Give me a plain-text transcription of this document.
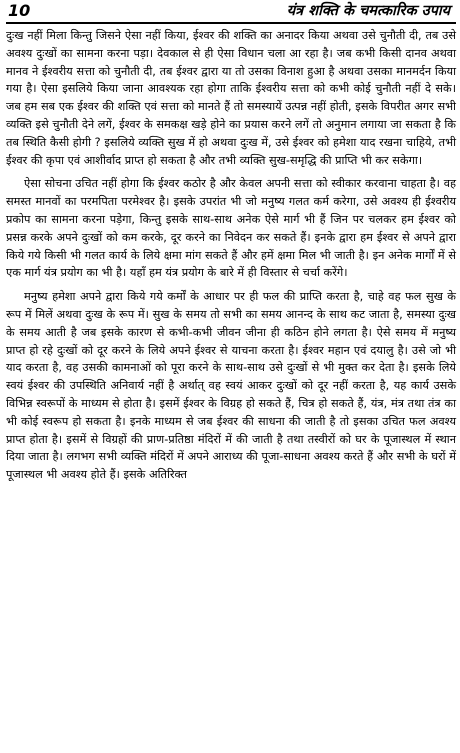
10	यंत्र शक्ति के चमत्कारिक उपाय

दुःख नहीं मिला किन्तु जिसने ऐसा नहीं किया, ईश्वर की शक्ति का अनादर किया अथवा उसे चुनौती दी, तब उसे अवश्य दुःखों का सामना करना पड़ा। देवकाल से ही ऐसा विधान चला आ रहा है। जब कभी किसी दानव अथवा मानव ने ईश्वरीय सत्ता को चुनौती दी, तब ईश्वर द्वारा या तो उसका विनाश हुआ है अथवा उसका मानमर्दन किया गया है। ऐसा इसलिये किया जाना आवश्यक रहा होगा ताकि ईश्वरीय सत्ता को कभी कोई चुनौती नहीं दे सके। जब हम सब एक ईश्वर की शक्ति एवं सत्ता को मानते हैं तो समस्यायें उत्पन्न नहीं होती, इसके विपरीत अगर सभी व्यक्ति इसे चुनौती देने लगें, ईश्वर के समकक्ष खड़े होने का प्रयास करने लगें तो अनुमान लगाया जा सकता है कि तब स्थिति कैसी होगी ? इसलिये व्यक्ति सुख में हो अथवा दुःख में, उसे ईश्वर को हमेशा याद रखना चाहिये, तभी ईश्वर की कृपा एवं आशीर्वाद प्राप्त हो सकता है और तभी व्यक्ति सुख-समृद्धि की प्राप्ति भी कर सकेगा।

ऐसा सोचना उचित नहीं होगा कि ईश्वर कठोर है और केवल अपनी सत्ता को स्वीकार करवाना चाहता है। वह समस्त मानवों का परमपिता परमेश्वर है। इसके उपरांत भी जो मनुष्य गलत कर्म करेगा, उसे अवश्य ही ईश्वरीय प्रकोप का सामना करना पड़ेगा, किन्तु इसके साथ-साथ अनेक ऐसे मार्ग भी हैं जिन पर चलकर हम ईश्वर को प्रसन्न करके अपने दुःखों को कम करके, दूर करने का निवेदन कर सकते हैं। इनके द्वारा हम ईश्वर से अपने द्वारा किये गये किसी भी गलत कार्य के लिये क्षमा मांग सकते हैं और हमें क्षमा मिल भी जाती है। इन अनेक मार्गों में से एक मार्ग यंत्र प्रयोग का भी है। यहाँ हम यंत्र प्रयोग के बारे में ही विस्तार से चर्चा करेंगे।

मनुष्य हमेशा अपने द्वारा किये गये कर्मों के आधार पर ही फल की प्राप्ति करता है, चाहे वह फल सुख के रूप में मिलें अथवा दुःख के रूप में। सुख के समय तो सभी का समय आनन्द के साथ कट जाता है, समस्या दुःख के समय आती है जब इसके कारण से कभी-कभी जीवन जीना ही कठिन होने लगता है। ऐसे समय में मनुष्य प्राप्त हो रहे दुःखों को दूर करने के लिये अपने ईश्वर से याचना करता है। ईश्वर महान एवं दयालु है। उसे जो भी याद करता है, वह उसकी कामनाओं को पूरा करने के साथ-साथ उसे दुःखों से भी मुक्त कर देता है। इसके लिये स्वयं ईश्वर की उपस्थिति अनिवार्य नहीं है अर्थात् वह स्वयं आकर दुःखों को दूर नहीं करता है, यह कार्य उसके विभिन्न स्वरूपों के माध्यम से होता है। इसमें ईश्वर के विग्रह हो सकते हैं, चित्र हो सकते हैं, यंत्र, मंत्र तथा तंत्र का भी कोई स्वरूप हो सकता है। इनके माध्यम से जब ईश्वर की साधना की जाती है तो इसका उचित फल अवश्य प्राप्त होता है। इसमें से विग्रहों की प्राण-प्रतिष्ठा मंदिरों में की जाती है तथा तस्वीरों को घर के पूजास्थल में स्थान दिया जाता है। लगभग सभी व्यक्ति मंदिरों में अपने आराध्य की पूजा-साधना अवश्य करते हैं और सभी के घरों में पूजास्थल भी अवश्य होते हैं। इसके अतिरिक्त
